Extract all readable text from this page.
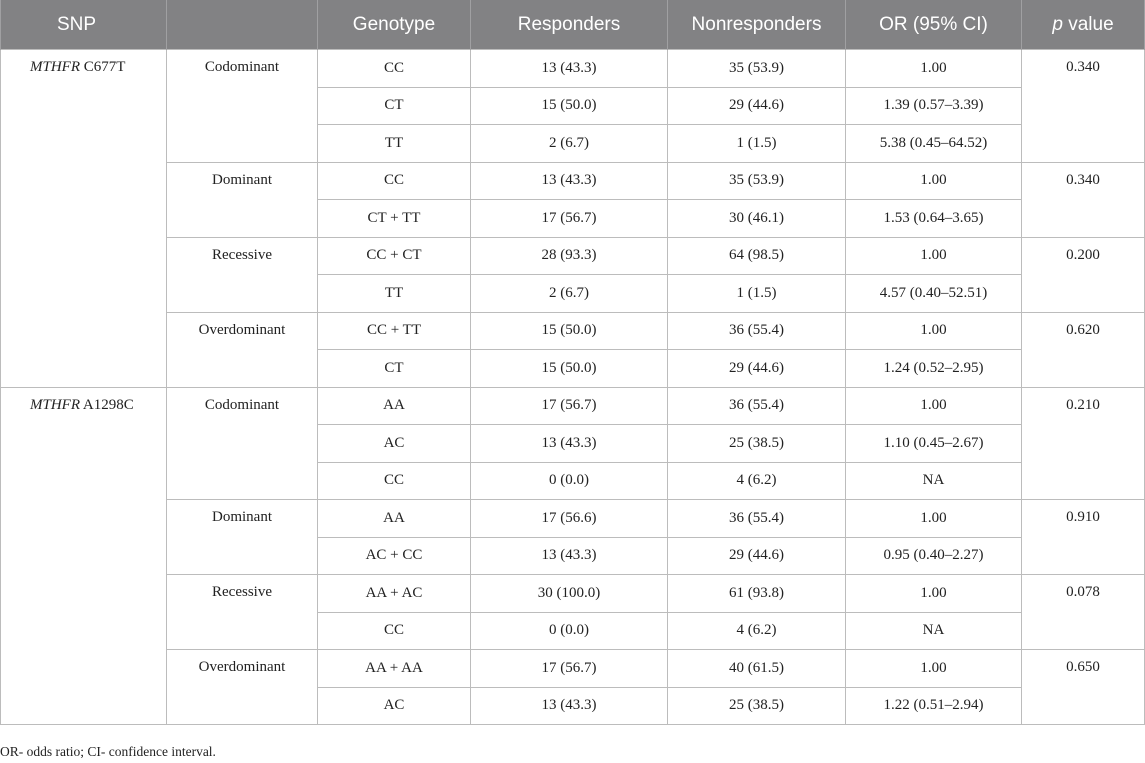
SNP		Genotype	Responders	Nonresponders	OR (95% CI)	p value
MTHFR C677T	Codominant	CC	13 (43.3)	35 (53.9)	1.00	0.340
		CT	15 (50.0)	29 (44.6)	1.39 (0.57–3.39)	
		TT	2 (6.7)	1 (1.5)	5.38 (0.45–64.52)	
	Dominant	CC	13 (43.3)	35 (53.9)	1.00	0.340
		CT + TT	17 (56.7)	30 (46.1)	1.53 (0.64–3.65)	
	Recessive	CC + CT	28 (93.3)	64 (98.5)	1.00	0.200
		TT	2 (6.7)	1 (1.5)	4.57 (0.40–52.51)	
	Overdominant	CC + TT	15 (50.0)	36 (55.4)	1.00	0.620
		CT	15 (50.0)	29 (44.6)	1.24 (0.52–2.95)	
MTHFR A1298C	Codominant	AA	17 (56.7)	36 (55.4)	1.00	0.210
		AC	13 (43.3)	25 (38.5)	1.10 (0.45–2.67)	
		CC	0 (0.0)	4 (6.2)	NA	
	Dominant	AA	17 (56.6)	36 (55.4)	1.00	0.910
		AC + CC	13 (43.3)	29 (44.6)	0.95 (0.40–2.27)	
	Recessive	AA + AC	30 (100.0)	61 (93.8)	1.00	0.078
		CC	0 (0.0)	4 (6.2)	NA	
	Overdominant	AA + AA	17 (56.7)	40 (61.5)	1.00	0.650
		AC	13 (43.3)	25 (38.5)	1.22 (0.51–2.94)	
OR- odds ratio; CI- confidence interval.
